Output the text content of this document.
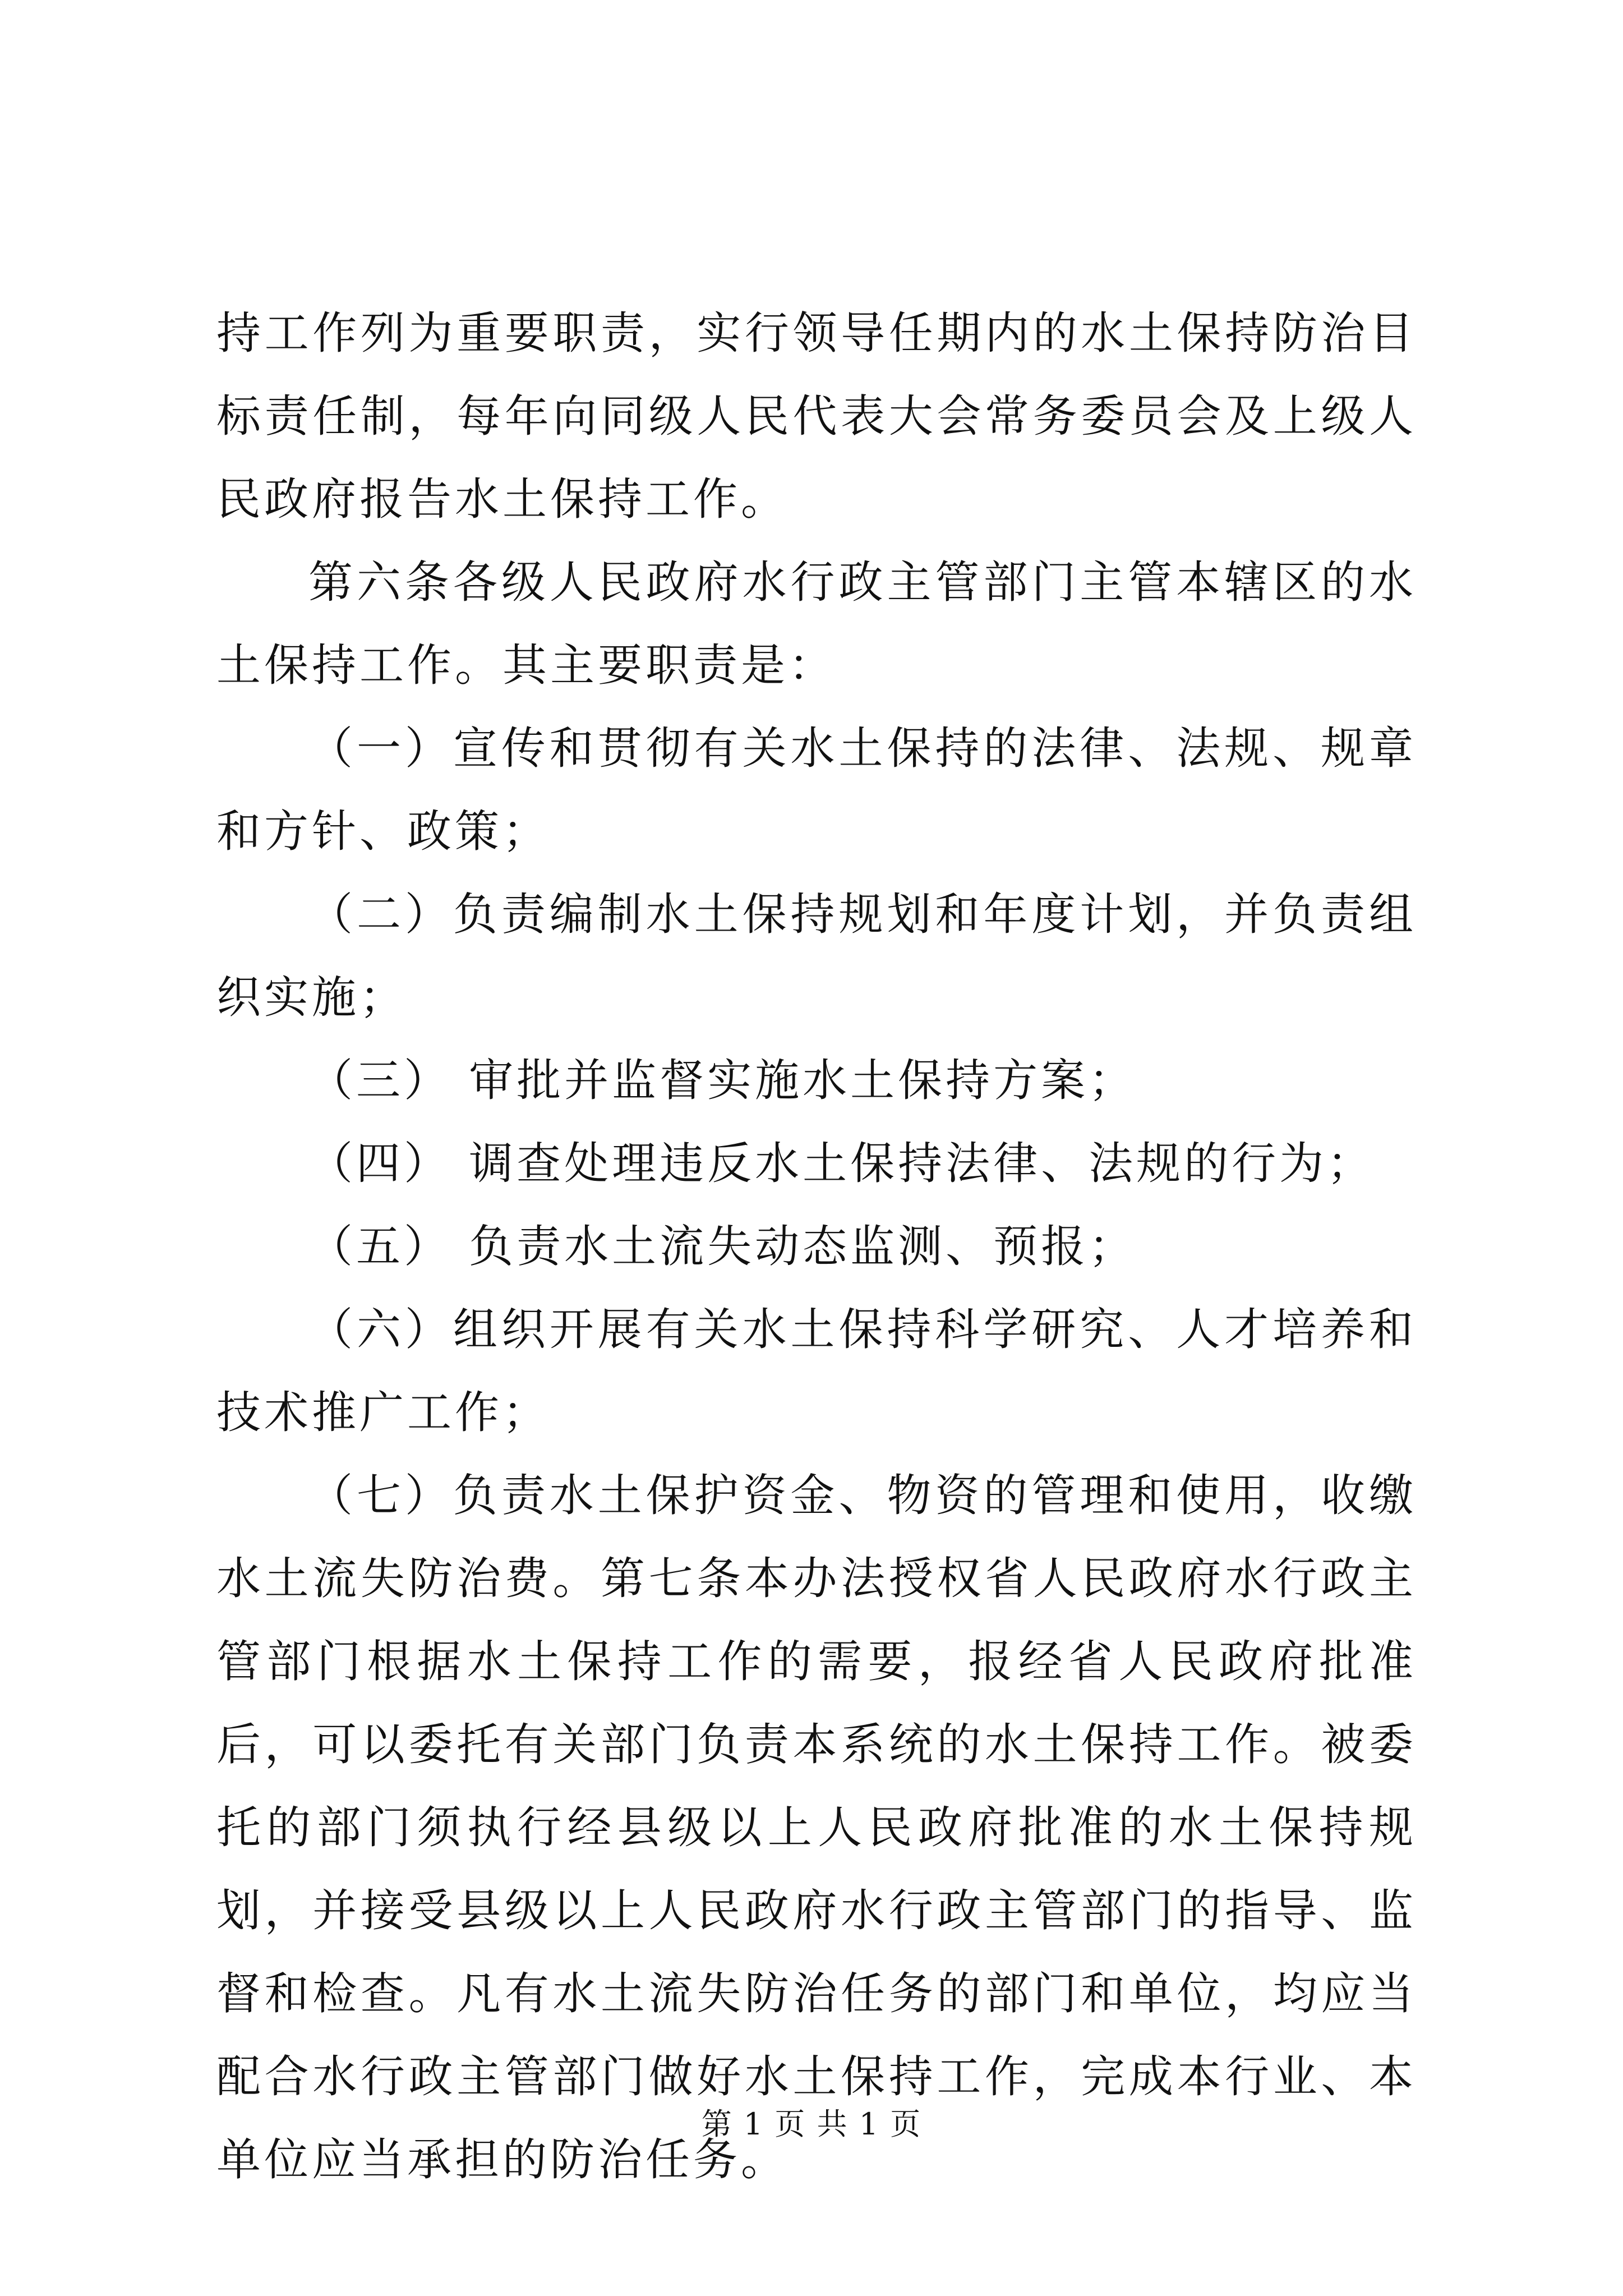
持工作列为重要职责，实行领导任期内的水土保持防治目标责任制，每年向同级人民代表大会常务委员会及上级人民政府报告水土保持工作。

第六条各级人民政府水行政主管部门主管本辖区的水土保持工作。其主要职责是：

（一）宣传和贯彻有关水土保持的法律、法规、规章和方针、政策；

（二）负责编制水土保持规划和年度计划，并负责组织实施；

（三） 审批并监督实施水土保持方案；

（四） 调查处理违反水土保持法律、法规的行为；

（五） 负责水土流失动态监测、预报；

（六）组织开展有关水土保持科学研究、人才培养和技术推广工作；

（七）负责水土保护资金、物资的管理和使用，收缴水土流失防治费。第七条本办法授权省人民政府水行政主管部门根据水土保持工作的需要，报经省人民政府批准后，可以委托有关部门负责本系统的水土保持工作。被委托的部门须执行经县级以上人民政府批准的水土保持规划，并接受县级以上人民政府水行政主管部门的指导、监督和检查。凡有水土流失防治任务的部门和单位，均应当配合水行政主管部门做好水土保持工作，完成本行业、本单位应当承担的防治任务。

第 1 页 共 1 页
